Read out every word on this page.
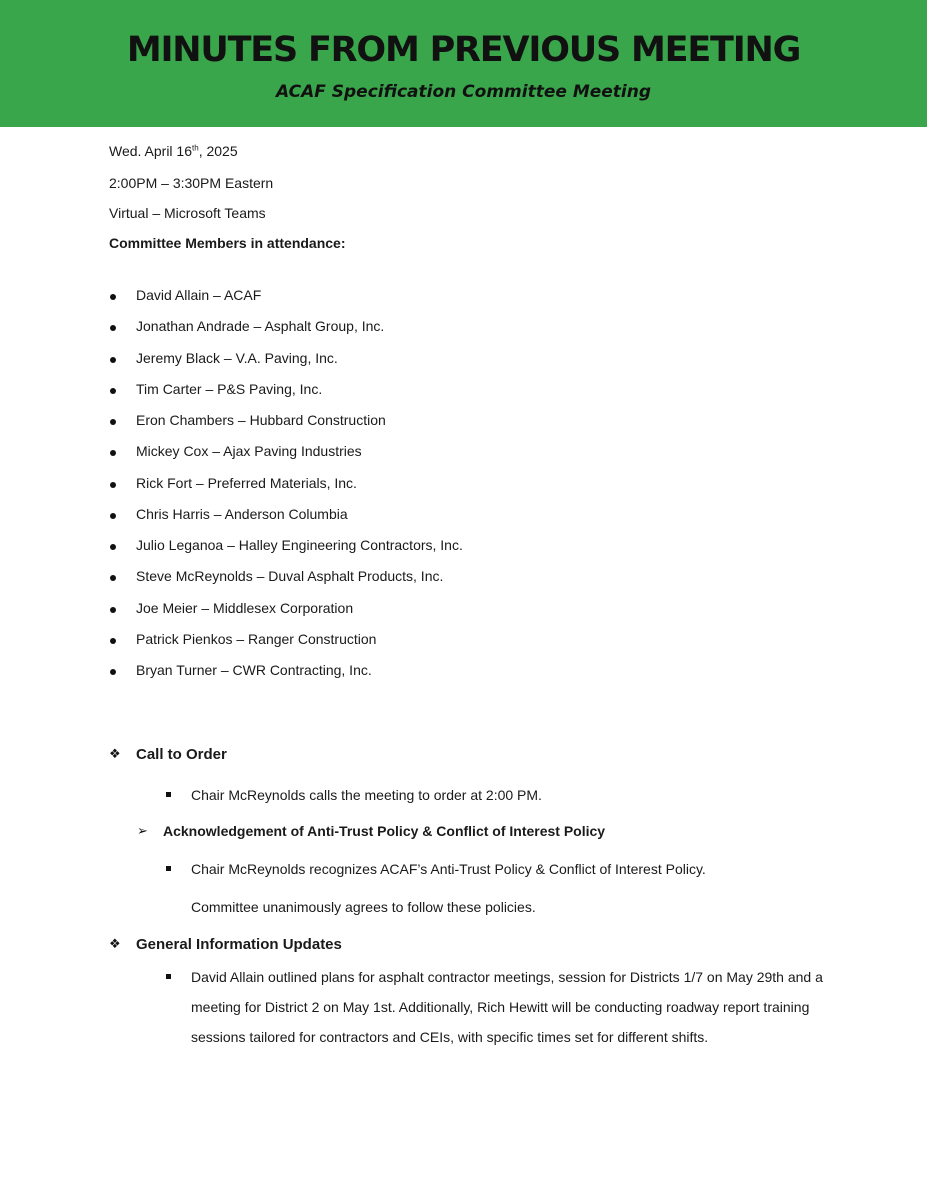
MINUTES FROM PREVIOUS MEETING
ACAF Specification Committee Meeting
Wed. April 16th, 2025
2:00PM – 3:30PM Eastern
Virtual – Microsoft Teams
Committee Members in attendance:
David Allain – ACAF
Jonathan Andrade – Asphalt Group, Inc.
Jeremy Black – V.A. Paving, Inc.
Tim Carter – P&S Paving, Inc.
Eron Chambers – Hubbard Construction
Mickey Cox – Ajax Paving Industries
Rick Fort – Preferred Materials, Inc.
Chris Harris – Anderson Columbia
Julio Leganoa – Halley Engineering Contractors, Inc.
Steve McReynolds – Duval Asphalt Products, Inc.
Joe Meier – Middlesex Corporation
Patrick Pienkos – Ranger Construction
Bryan Turner – CWR Contracting, Inc.
❖ Call to Order
Chair McReynolds calls the meeting to order at 2:00 PM.
➢ Acknowledgement of Anti-Trust Policy & Conflict of Interest Policy
Chair McReynolds recognizes ACAF’s Anti-Trust Policy & Conflict of Interest Policy.
Committee unanimously agrees to follow these policies.
❖ General Information Updates
David Allain outlined plans for asphalt contractor meetings, session for Districts 1/7 on May 29th and a meeting for District 2 on May 1st. Additionally, Rich Hewitt will be conducting roadway report training sessions tailored for contractors and CEIs, with specific times set for different shifts.
